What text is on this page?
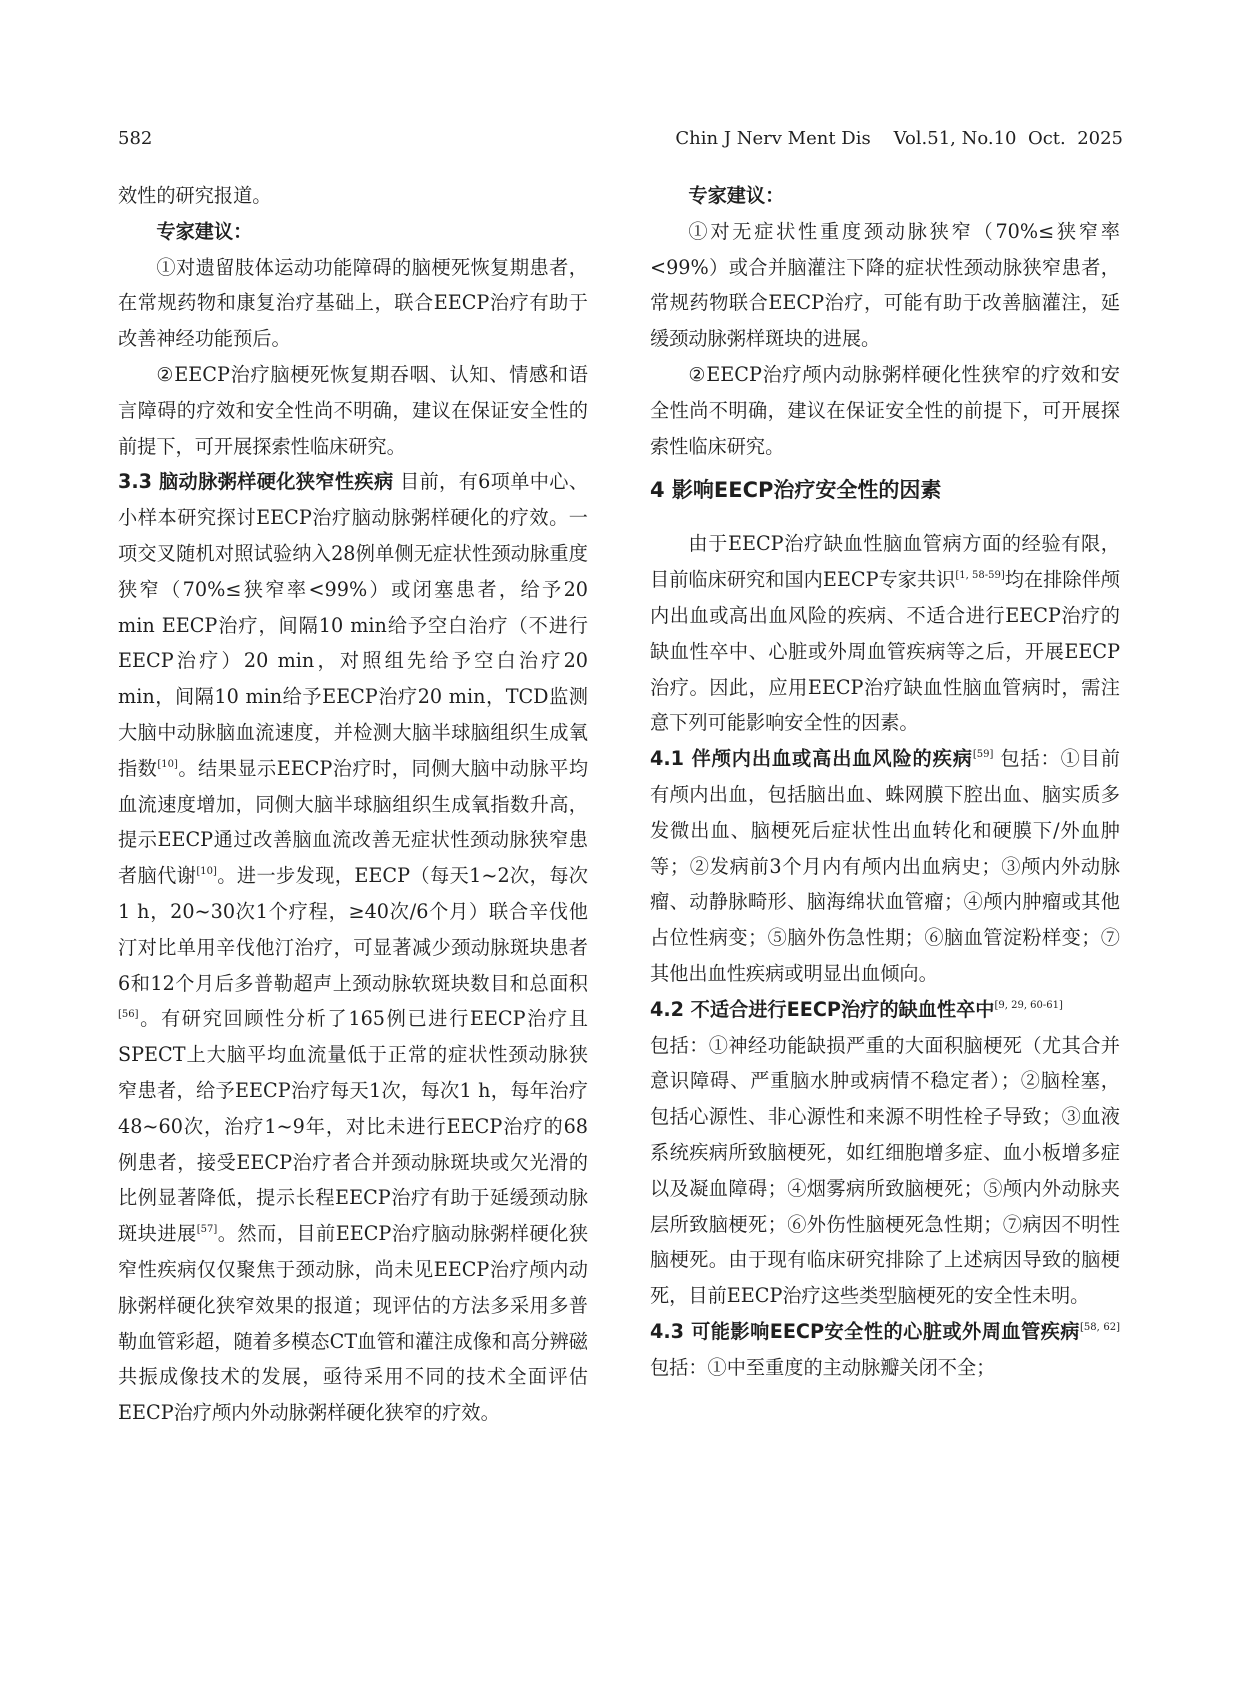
582	Chin J Nerv Ment Dis    Vol.51, No.10  Oct.  2025

效性的研究报道。

专家建议：

①对遗留肢体运动功能障碍的脑梗死恢复期患者，在常规药物和康复治疗基础上，联合EECP治疗有助于改善神经功能预后。

②EECP治疗脑梗死恢复期吞咽、认知、情感和语言障碍的疗效和安全性尚不明确，建议在保证安全性的前提下，可开展探索性临床研究。

3.3 脑动脉粥样硬化狭窄性疾病 目前，有6项单中心、小样本研究探讨EECP治疗脑动脉粥样硬化的疗效。一项交叉随机对照试验纳入28例单侧无症状性颈动脉重度狭窄（70%≤狭窄率<99%）或闭塞患者，给予20 min EECP治疗，间隔10 min给予空白治疗（不进行EECP治疗）20 min，对照组先给予空白治疗20 min，间隔10 min给予EECP治疗20 min，TCD监测大脑中动脉脑血流速度，并检测大脑半球脑组织生成氧指数[10]。结果显示EECP治疗时，同侧大脑中动脉平均血流速度增加，同侧大脑半球脑组织生成氧指数升高，提示EECP通过改善脑血流改善无症状性颈动脉狭窄患者脑代谢[10]。进一步发现，EECP（每天1~2次，每次1 h，20~30次1个疗程，≥40次/6个月）联合辛伐他汀对比单用辛伐他汀治疗，可显著减少颈动脉斑块患者6和12个月后多普勒超声上颈动脉软斑块数目和总面积[56]。有研究回顾性分析了165例已进行EECP治疗且SPECT上大脑平均血流量低于正常的症状性颈动脉狭窄患者，给予EECP治疗每天1次，每次1 h，每年治疗48~60次，治疗1~9年，对比未进行EECP治疗的68例患者，接受EECP治疗者合并颈动脉斑块或欠光滑的比例显著降低，提示长程EECP治疗有助于延缓颈动脉斑块进展[57]。然而，目前EECP治疗脑动脉粥样硬化狭窄性疾病仅仅聚焦于颈动脉，尚未见EECP治疗颅内动脉粥样硬化狭窄效果的报道；现评估的方法多采用多普勒血管彩超，随着多模态CT血管和灌注成像和高分辨磁共振成像技术的发展，亟待采用不同的技术全面评估EECP治疗颅内外动脉粥样硬化狭窄的疗效。

专家建议：

①对无症状性重度颈动脉狭窄（70%≤狭窄率<99%）或合并脑灌注下降的症状性颈动脉狭窄患者，常规药物联合EECP治疗，可能有助于改善脑灌注，延缓颈动脉粥样斑块的进展。

②EECP治疗颅内动脉粥样硬化性狭窄的疗效和安全性尚不明确，建议在保证安全性的前提下，可开展探索性临床研究。

4 影响EECP治疗安全性的因素

由于EECP治疗缺血性脑血管病方面的经验有限，目前临床研究和国内EECP专家共识[1, 58-59]均在排除伴颅内出血或高出血风险的疾病、不适合进行EECP治疗的缺血性卒中、心脏或外周血管疾病等之后，开展EECP治疗。因此，应用EECP治疗缺血性脑血管病时，需注意下列可能影响安全性的因素。

4.1 伴颅内出血或高出血风险的疾病[59] 包括：①目前有颅内出血，包括脑出血、蛛网膜下腔出血、脑实质多发微出血、脑梗死后症状性出血转化和硬膜下/外血肿等；②发病前3个月内有颅内出血病史；③颅内外动脉瘤、动静脉畸形、脑海绵状血管瘤；④颅内肿瘤或其他占位性病变；⑤脑外伤急性期；⑥脑血管淀粉样变；⑦其他出血性疾病或明显出血倾向。

4.2 不适合进行EECP治疗的缺血性卒中[9, 29, 60-61]
包括：①神经功能缺损严重的大面积脑梗死（尤其合并意识障碍、严重脑水肿或病情不稳定者）；②脑栓塞，包括心源性、非心源性和来源不明性栓子导致；③血液系统疾病所致脑梗死，如红细胞增多症、血小板增多症以及凝血障碍；④烟雾病所致脑梗死；⑤颅内外动脉夹层所致脑梗死；⑥外伤性脑梗死急性期；⑦病因不明性脑梗死。由于现有临床研究排除了上述病因导致的脑梗死，目前EECP治疗这些类型脑梗死的安全性未明。

4.3 可能影响EECP安全性的心脏或外周血管疾病[58, 62] 包括：①中至重度的主动脉瓣关闭不全；
